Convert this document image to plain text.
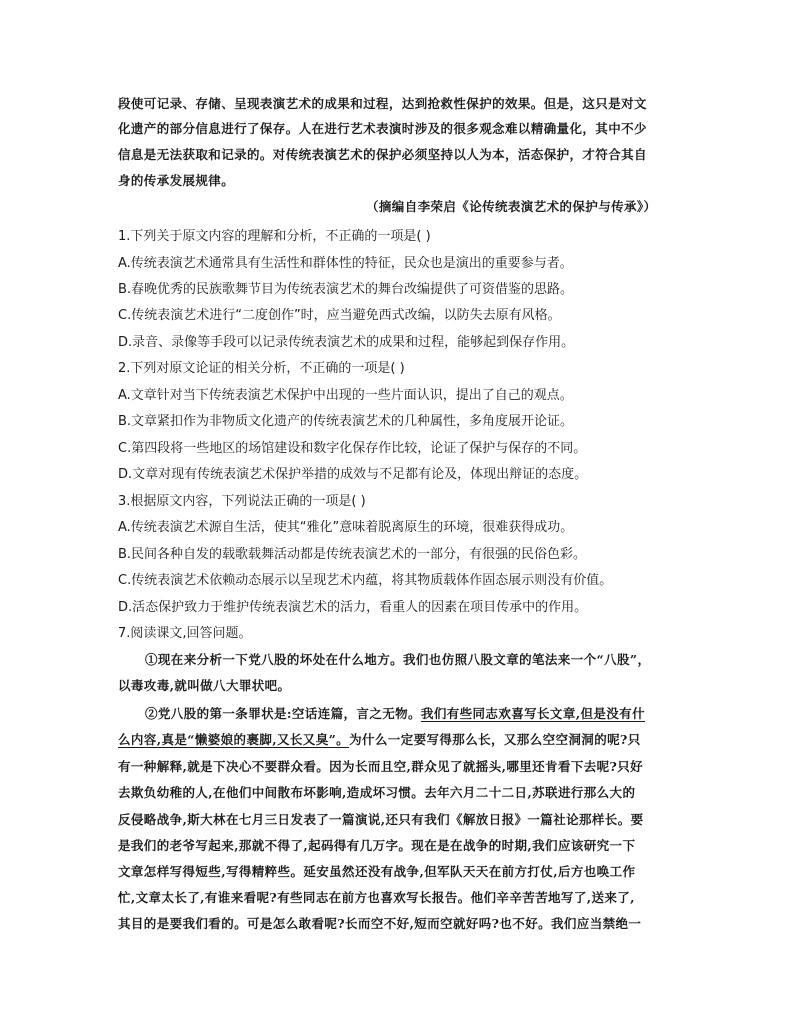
段使可记录、存储、呈现表演艺术的成果和过程，达到抢救性保护的效果。但是，这只是对文
化遗产的部分信息进行了保存。人在进行艺术表演时涉及的很多观念难以精确量化，其中不少
信息是无法获取和记录的。对传统表演艺术的保护必须坚持以人为本，活态保护，才符合其自
身的传承发展规律。
（摘编自李荣启《论传统表演艺术的保护与传承》）
1.下列关于原文内容的理解和分析，不正确的一项是( )
A.传统表演艺术通常具有生活性和群体性的特征，民众也是演出的重要参与者。
B.春晚优秀的民族歌舞节目为传统表演艺术的舞台改编提供了可资借鉴的思路。
C.传统表演艺术进行“二度创作”时，应当避免西式改编，以防失去原有风格。
D.录音、录像等手段可以记录传统表演艺术的成果和过程，能够起到保存作用。
2.下列对原文论证的相关分析，不正确的一项是( )
A.文章针对当下传统表演艺术保护中出现的一些片面认识，提出了自己的观点。
B.文章紧扣作为非物质文化遗产的传统表演艺术的几种属性，多角度展开论证。
C.第四段将一些地区的场馆建设和数字化保存作比较，论证了保护与保存的不同。
D.文章对现有传统表演艺术保护举措的成效与不足都有论及，体现出辩证的态度。
3.根据原文内容，下列说法正确的一项是( )
A.传统表演艺术源自生活，使其“雅化”意味着脱离原生的环境，很难获得成功。
B.民间各种自发的载歌载舞活动都是传统表演艺术的一部分，有很强的民俗色彩。
C.传统表演艺术依赖动态展示以呈现艺术内蕴，将其物质载体作固态展示则没有价值。
D.活态保护致力于维护传统表演艺术的活力，看重人的因素在项目传承中的作用。
7.阅读课文,回答问题。
①现在来分析一下党八股的坏处在什么地方。我们也仿照八股文章的笔法来一个“八股”，
以毒攻毒,就叫做八大罪状吧。
②党八股的第一条罪状是:空话连篇，言之无物。我们有些同志欢喜写长文章,但是没有什
么内容,真是“懒婆娘的裹脚,又长又臭”。为什么一定要写得那么长，又那么空空洞洞的呢?只
有一种解释,就是下决心不要群众看。因为长而且空,群众见了就摇头,哪里还肯看下去呢?只好
去欺负幼稚的人,在他们中间散布坏影响,造成坏习惯。去年六月二十二日,苏联进行那么大的
反侵略战争,斯大林在七月三日发表了一篇演说,还只有我们《解放日报》一篇社论那样长。要
是我们的老爷写起来,那就不得了,起码得有几万字。现在是在战争的时期,我们应该研究一下
文章怎样写得短些,写得精粹些。延安虽然还没有战争,但军队天天在前方打仗,后方也唤工作
忙,文章太长了,有谁来看呢?有些同志在前方也喜欢写长报告。他们辛辛苦苦地写了,送来了,
其目的是要我们看的。可是怎么敢看呢?长而空不好,短而空就好吗?也不好。我们应当禁绝一
